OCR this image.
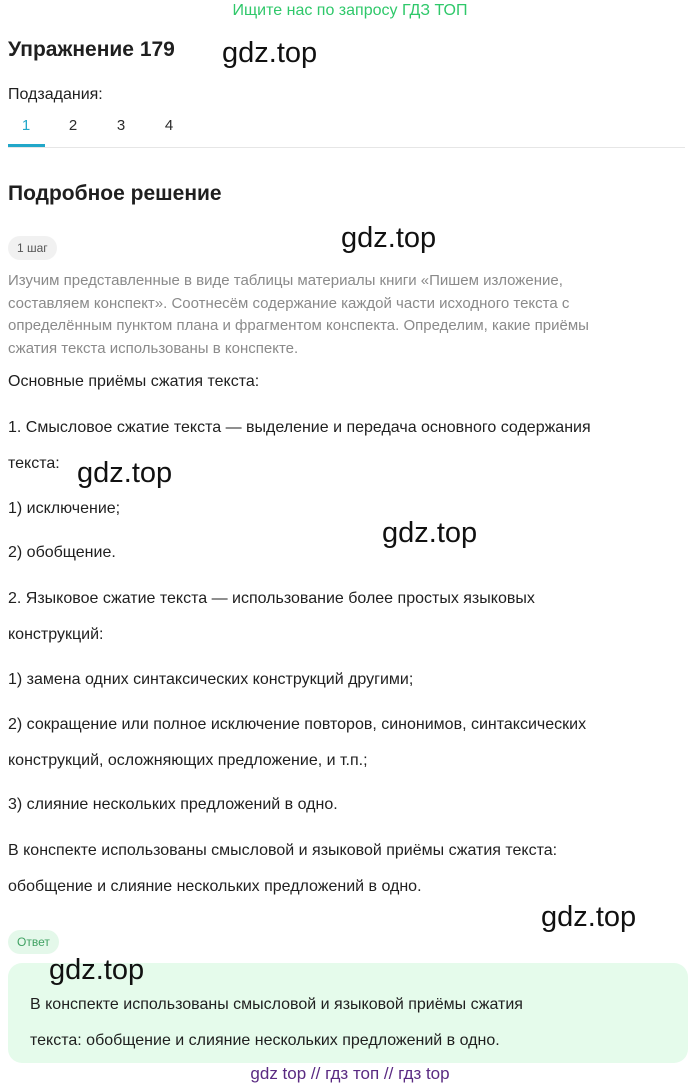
Ищите нас по запросу ГДЗ ТОП
Упражнение 179 gdz.top
Подзадания:
1	2	3	4
Подробное решение
1 шаг	gdz.top
Изучим представленные в виде таблицы материалы книги «Пишем изложение,
составляем конспект». Соотнесём содержание каждой части исходного текста с
определённым пунктом плана и фрагментом конспекта. Определим, какие приёмы
сжатия текста использованы в конспекте.
Основные приёмы сжатия текста:
1. Смысловое сжатие текста — выделение и передача основного содержания
текста: gdz.top
1) исключение;
gdz.top
2) обобщение.
2. Языковое сжатие текста — использование более простых языковых
конструкций:
1) замена одних синтаксических конструкций другими;
2) сокращение или полное исключение повторов, синонимов, синтаксических
конструкций, осложняющих предложение, и т.п.;
3) слияние нескольких предложений в одно.
В конспекте использованы смысловой и языковой приёмы сжатия текста:
обобщение и слияние нескольких предложений в одно.
gdz.top
Ответ
gdz.top
В конспекте использованы смысловой и языковой приёмы сжатия
текста: обобщение и слияние нескольких предложений в одно.
gdz top // гдз топ // гдз top
